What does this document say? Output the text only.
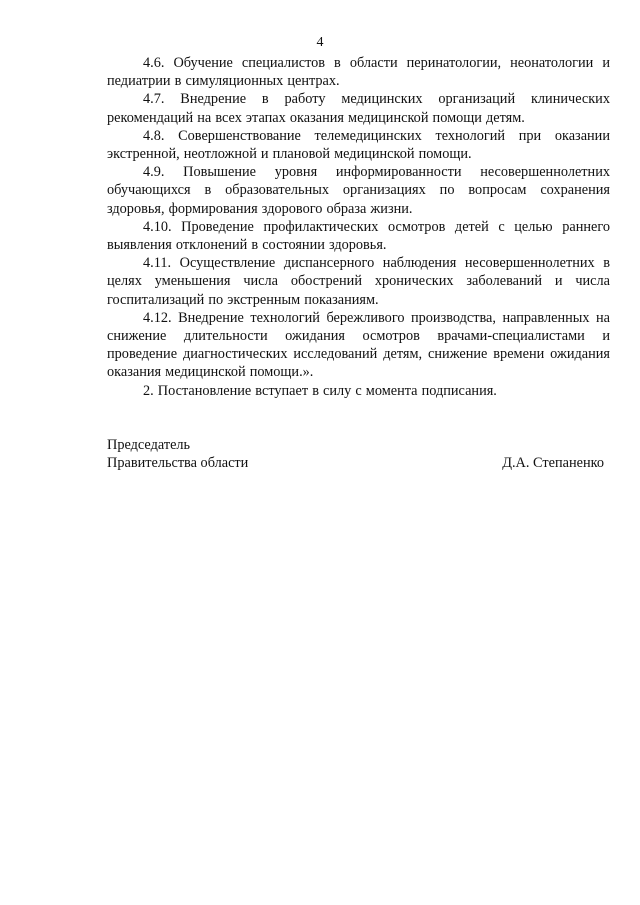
4

4.6. Обучение специалистов в области перинатологии, неонатологии и педиатрии в симуляционных центрах.

4.7. Внедрение в работу медицинских организаций клинических рекомендаций на всех этапах оказания медицинской помощи детям.

4.8. Совершенствование телемедицинских технологий при оказании экстренной, неотложной и плановой медицинской помощи.

4.9. Повышение уровня информированности несовершеннолетних обучающихся в образовательных организациях по вопросам сохранения здоровья, формирования здорового образа жизни.

4.10. Проведение профилактических осмотров детей с целью раннего выявления отклонений в состоянии здоровья.

4.11. Осуществление диспансерного наблюдения несовершеннолетних в целях уменьшения числа обострений хронических заболеваний и числа госпитализаций по экстренным показаниям.

4.12. Внедрение технологий бережливого производства, направленных на снижение длительности ожидания осмотров врачами-специалистами и проведение диагностических исследований детям, снижение времени ожидания оказания медицинской помощи.».

2. Постановление вступает в силу с момента подписания.

Председатель
Правительства области	Д.А. Степаненко
